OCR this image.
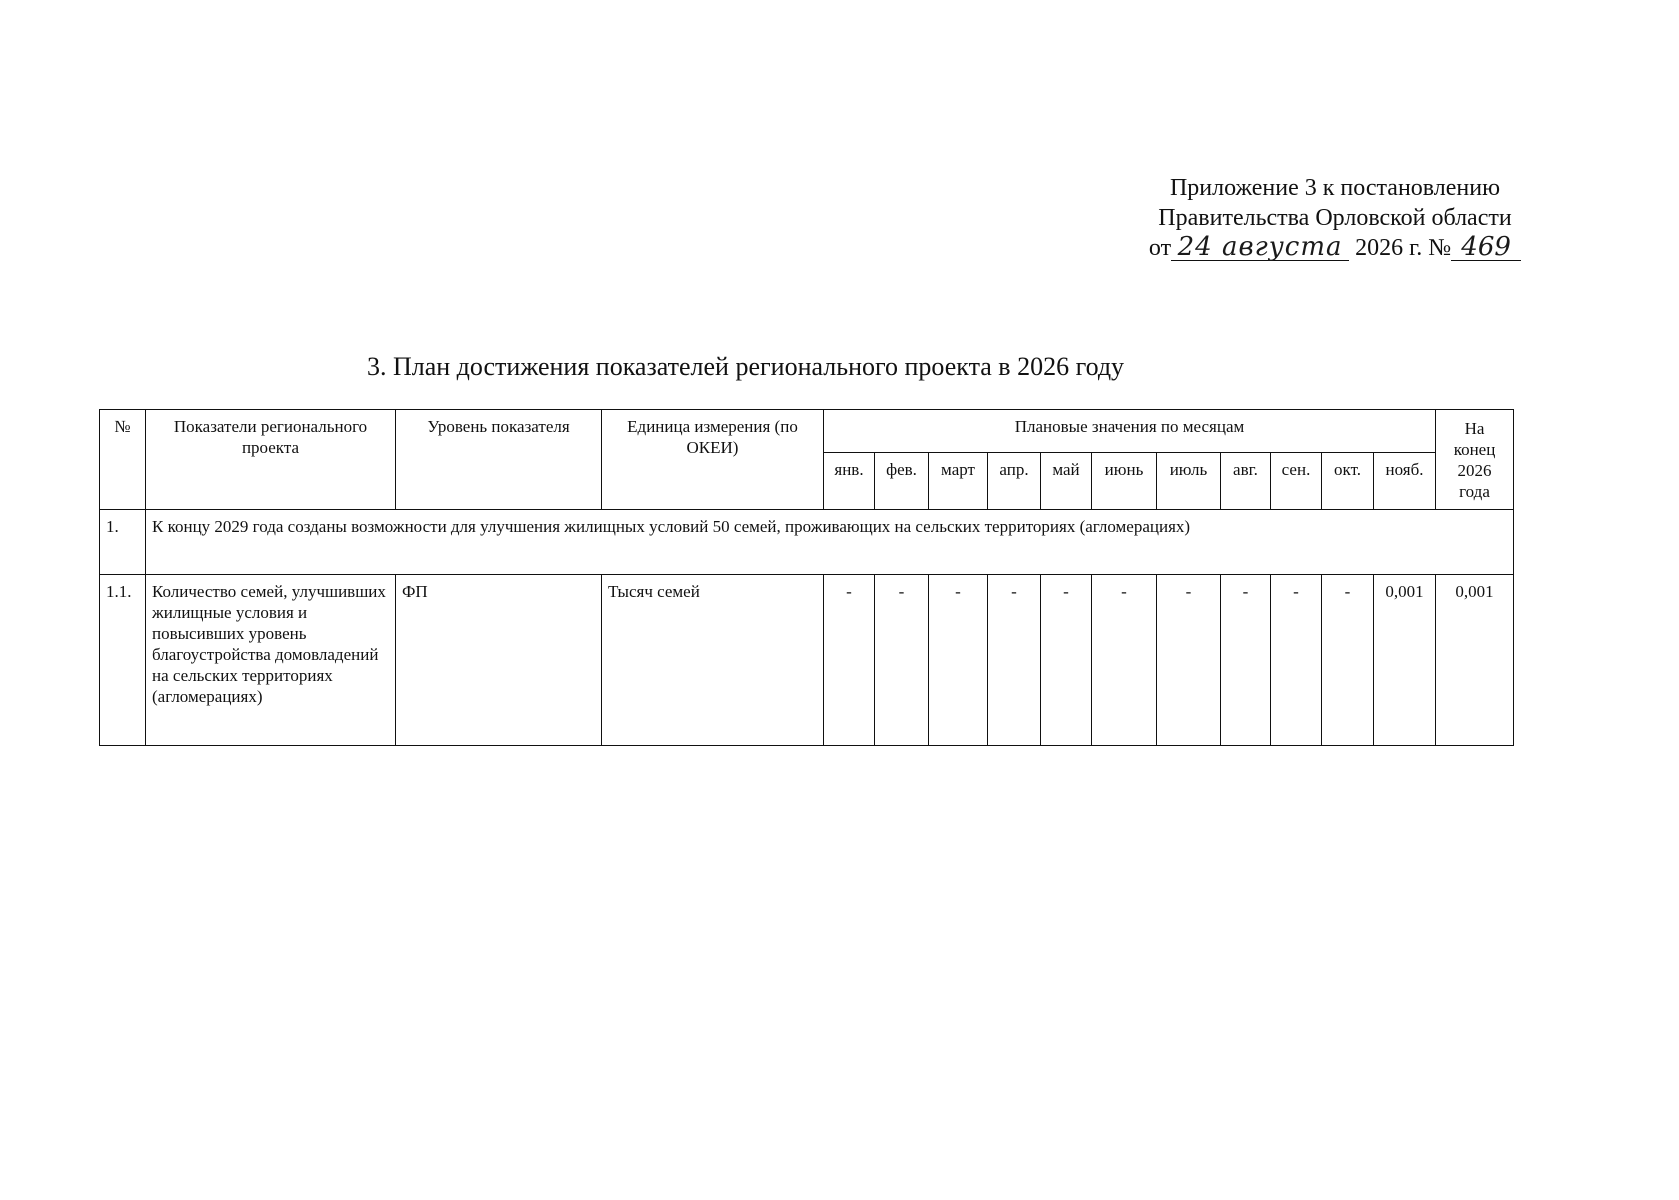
Приложение 3 к постановлению
Правительства Орловской области
от 24 августа 2026 г. № 469
3. План достижения показателей регионального проекта в 2026 году
№	Показатели регионального проекта	Уровень показателя	Единица измерения (по ОКЕИ)	Плановые значения по месяцам											На конец 2026 года
				янв.	фев.	март	апр.	май	июнь	июль	авг.	сен.	окт.	нояб.	
1.	К концу 2029 года созданы возможности для улучшения жилищных условий 50 семей, проживающих на сельских территориях (агломерациях)														
1.1.	Количество семей, улучшивших жилищные условия и повысивших уровень благоустройства домовладений на сельских территориях (агломерациях)	ФП	Тысяч семей	-	-	-	-	-	-	-	-	-	-	0,001	0,001
